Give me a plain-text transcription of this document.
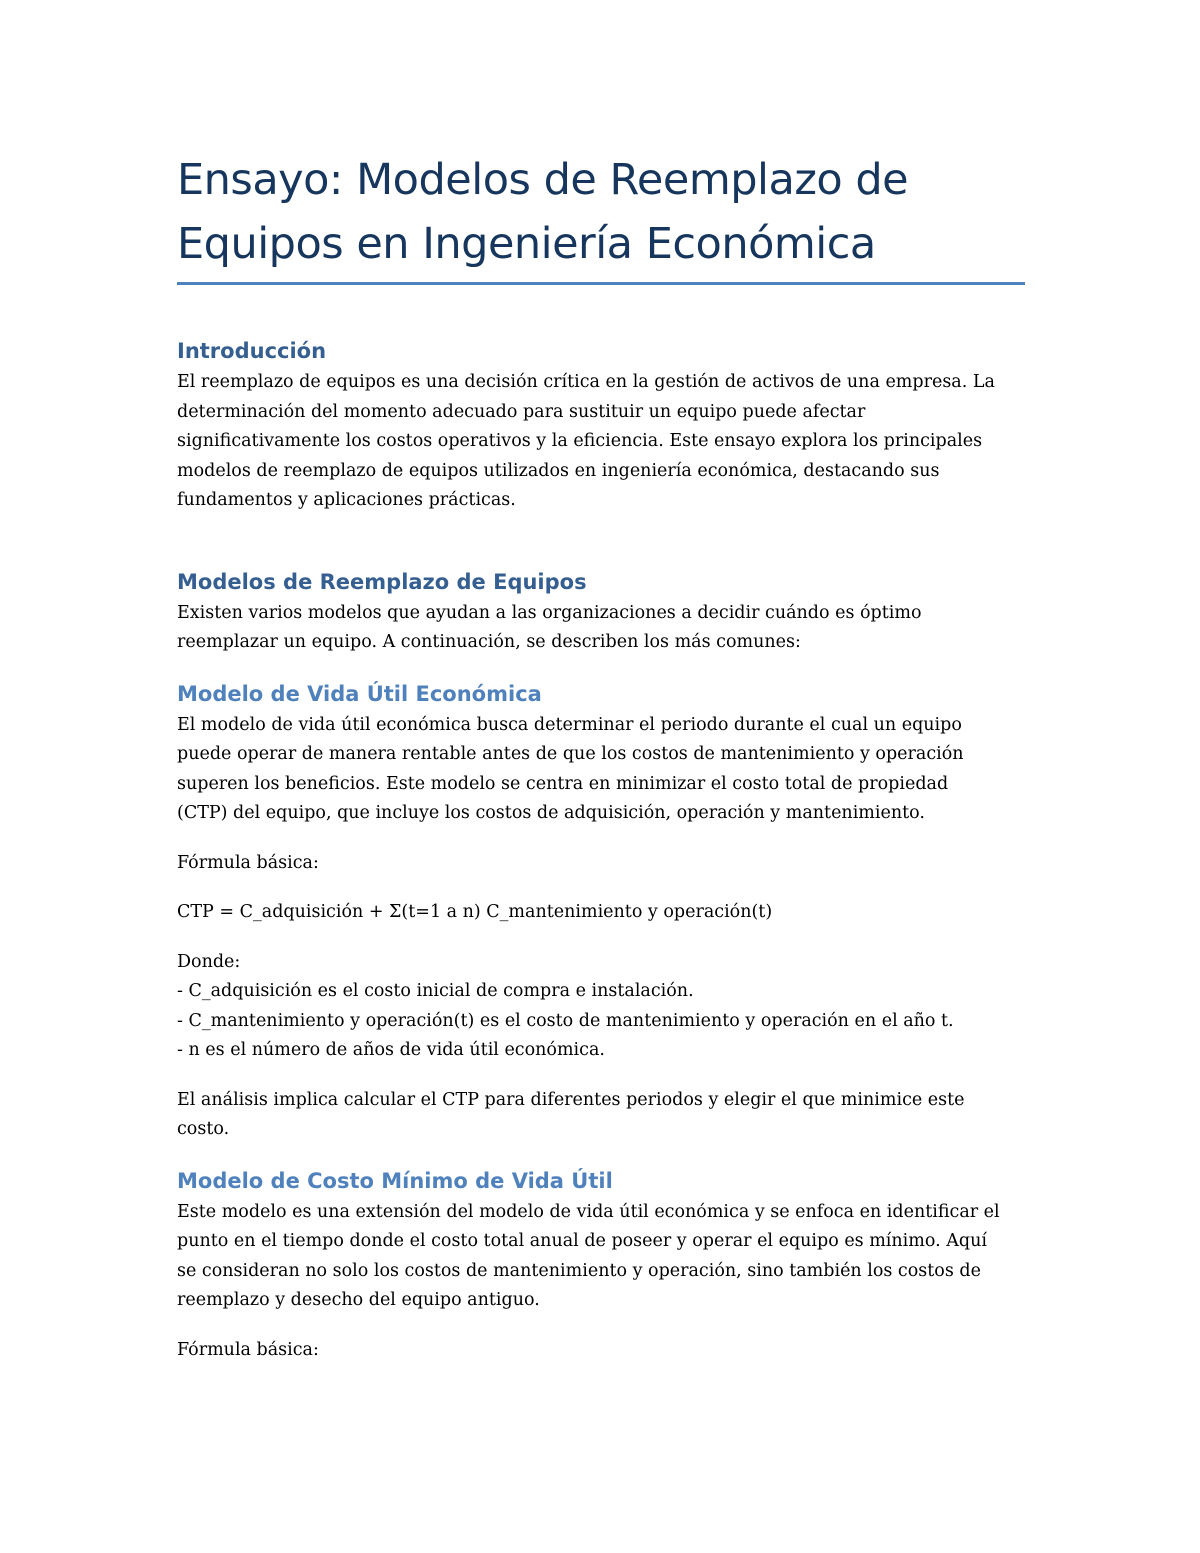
Ensayo: Modelos de Reemplazo de
Equipos en Ingeniería Económica
Introducción
El reemplazo de equipos es una decisión crítica en la gestión de activos de una empresa. La
determinación del momento adecuado para sustituir un equipo puede afectar
significativamente los costos operativos y la eficiencia. Este ensayo explora los principales
modelos de reemplazo de equipos utilizados en ingeniería económica, destacando sus
fundamentos y aplicaciones prácticas.
Modelos de Reemplazo de Equipos
Existen varios modelos que ayudan a las organizaciones a decidir cuándo es óptimo
reemplazar un equipo. A continuación, se describen los más comunes:
Modelo de Vida Útil Económica
El modelo de vida útil económica busca determinar el periodo durante el cual un equipo
puede operar de manera rentable antes de que los costos de mantenimiento y operación
superen los beneficios. Este modelo se centra en minimizar el costo total de propiedad
(CTP) del equipo, que incluye los costos de adquisición, operación y mantenimiento.

Fórmula básica:

CTP = C_adquisición + Σ(t=1 a n) C_mantenimiento y operación(t)

Donde:
- C_adquisición es el costo inicial de compra e instalación.
- C_mantenimiento y operación(t) es el costo de mantenimiento y operación en el año t.
- n es el número de años de vida útil económica.
El análisis implica calcular el CTP para diferentes periodos y elegir el que minimice este
costo.
Modelo de Costo Mínimo de Vida Útil
Este modelo es una extensión del modelo de vida útil económica y se enfoca en identificar el
punto en el tiempo donde el costo total anual de poseer y operar el equipo es mínimo. Aquí
se consideran no solo los costos de mantenimiento y operación, sino también los costos de
reemplazo y desecho del equipo antiguo.

Fórmula básica:
